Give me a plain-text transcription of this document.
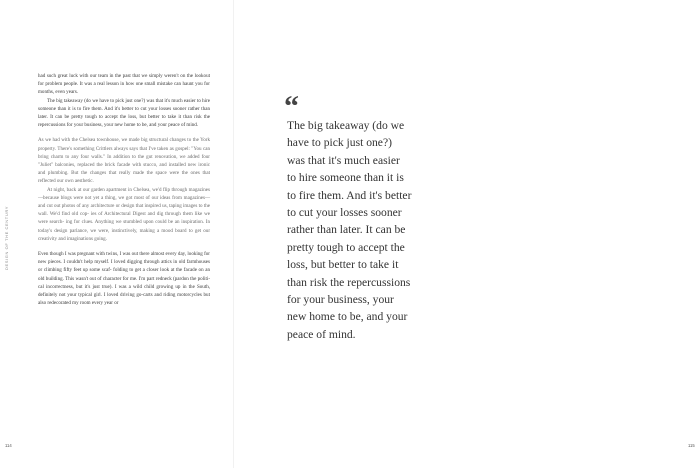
DESIGN OF THE CENTURY

had such great luck with our team in the past that we simply weren't on the lookout for problem people. It was a real lesson in how one small mistake can haunt you for months, even years.

The big takeaway (do we have to pick just one?) was that it's much easier to hire someone than it is to fire them. And it's better to cut your losses sooner rather than later. It can be pretty tough to accept the loss, but better to take it than risk the repercussions for your business, your new home to be, and your peace of mind.

As we had with the Chelsea townhouse, we made big structural changes to the York property. There's something Crittlers always says that I've taken as gospel: "You can bring charm to any four walls." In addition to the gut renovation, we added four "Juliet" balconies, replaced the brick facade with stucco, and installed new ironic and plumbing. But the changes that really made the space were the ones that reflected our own aesthetic.

At night, back at our garden apartment in Chelsea, we'd flip through magazines—because blogs were not yet a thing, we got most of our ideas from magazines—and cut out photos of any architecture or design that inspired us, taping images to the wall. We'd find old cop- ies of Architectural Digest and dig through them like we were search- ing for clues. Anything we stumbled upon could be an inspiration. In today's design parlance, we were, instinctively, making a mood board to get our creativity and imaginations going.

Even though I was pregnant with twins, I was out there almost every day, looking for new pieces. I couldn't help myself. I loved digging through attics in old farmhouses or climbing fifty feet up some scaf- folding to get a closer look at the facade on an old building. This wasn't out of character for me. I'm part redneck (pardon the politi- cal incorrectness, but it's just true). I was a wild child growing up in the South, definitely not your typical girl. I loved driving go-carts and riding motorcycles but also redecorated my room every year or

114	115
“
The big takeaway (do we
have to pick just one?)
was that it's much easier
to hire someone than it is
to fire them. And it's better
to cut your losses sooner
rather than later. It can be
pretty tough to accept the
loss, but better to take it
than risk the repercussions
for your business, your
new home to be, and your
peace of mind.
